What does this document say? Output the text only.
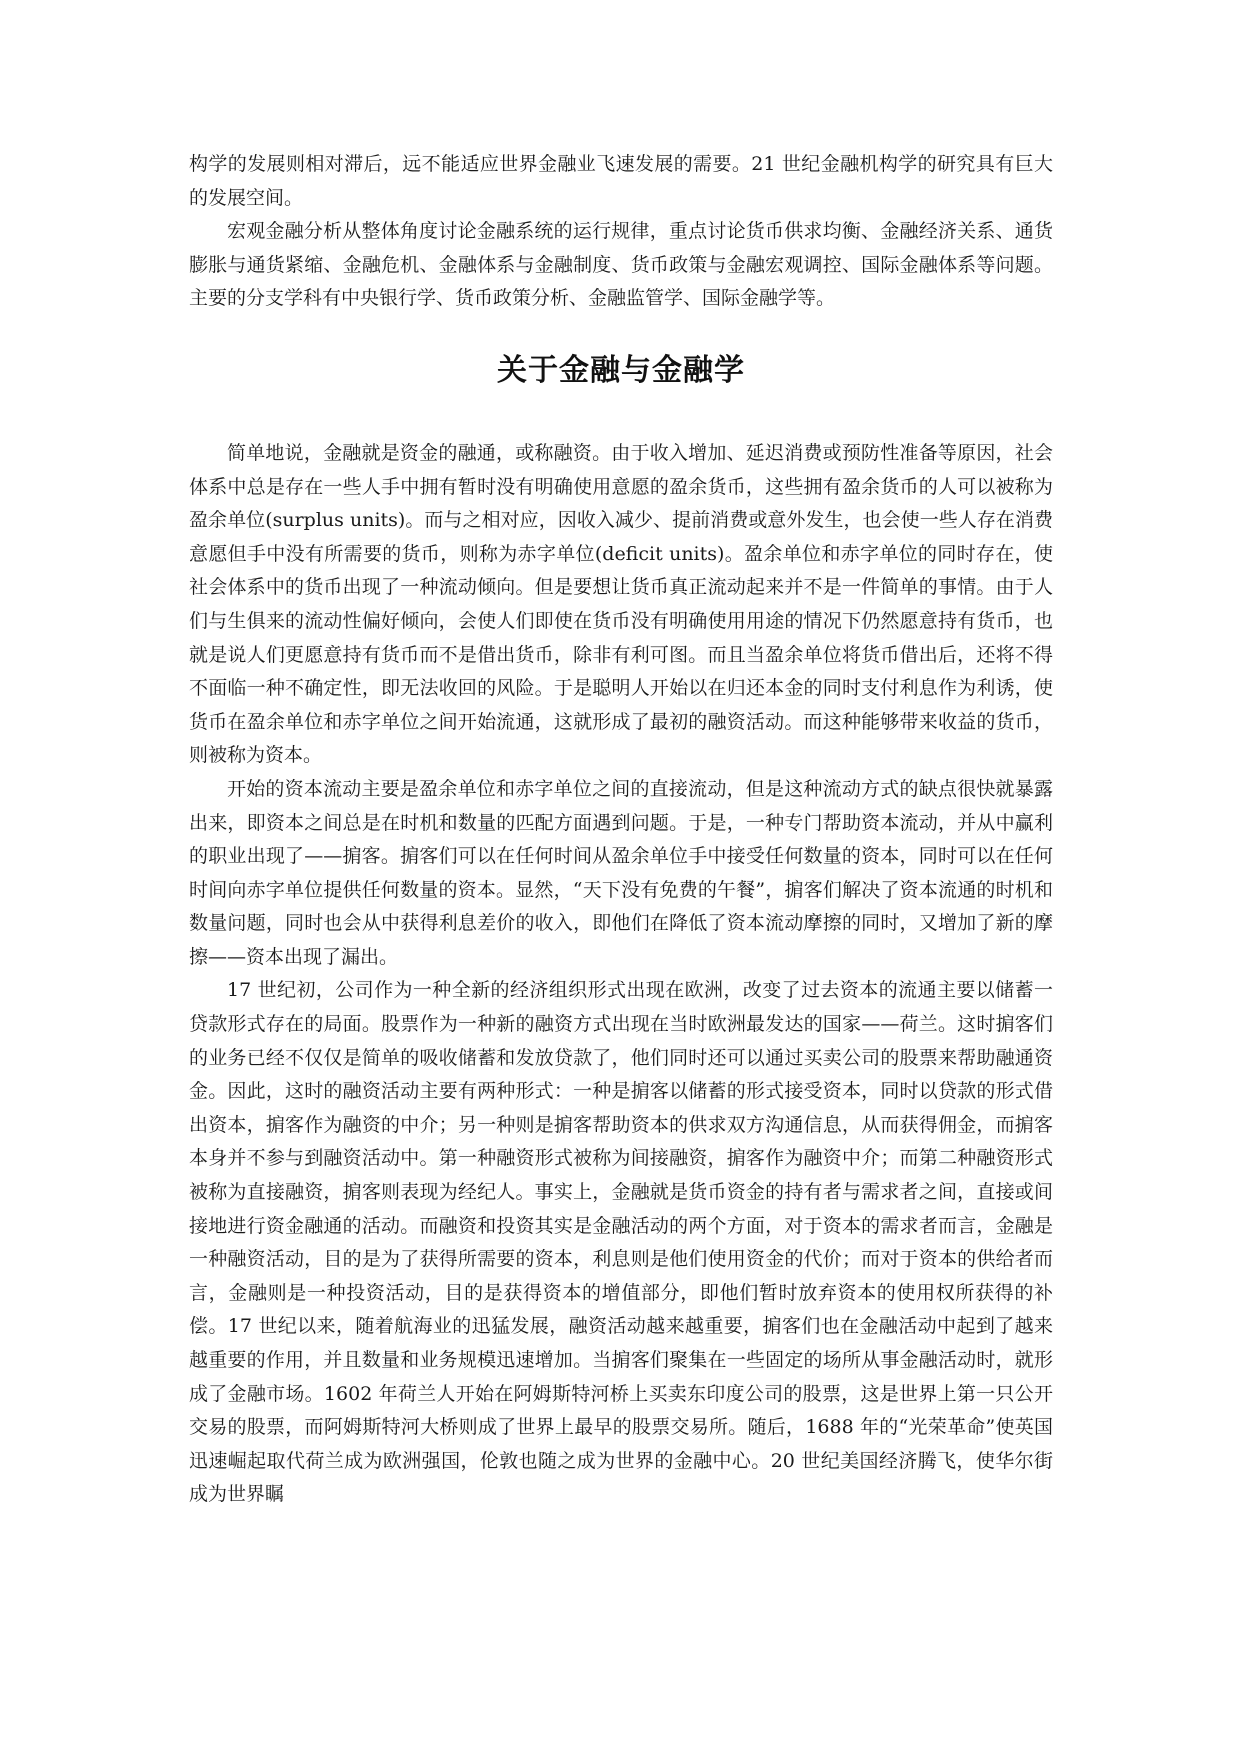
构学的发展则相对滞后，远不能适应世界金融业飞速发展的需要。21 世纪金融机构学的研究具有巨大的发展空间。

宏观金融分析从整体角度讨论金融系统的运行规律，重点讨论货币供求均衡、金融经济关系、通货膨胀与通货紧缩、金融危机、金融体系与金融制度、货币政策与金融宏观调控、国际金融体系等问题。主要的分支学科有中央银行学、货币政策分析、金融监管学、国际金融学等。

关于金融与金融学

简单地说，金融就是资金的融通，或称融资。由于收入增加、延迟消费或预防性准备等原因，社会体系中总是存在一些人手中拥有暂时没有明确使用意愿的盈余货币，这些拥有盈余货币的人可以被称为盈余单位(surplus units)。而与之相对应，因收入减少、提前消费或意外发生，也会使一些人存在消费意愿但手中没有所需要的货币，则称为赤字单位(deficit units)。盈余单位和赤字单位的同时存在，使社会体系中的货币出现了一种流动倾向。但是要想让货币真正流动起来并不是一件简单的事情。由于人们与生俱来的流动性偏好倾向，会使人们即使在货币没有明确使用用途的情况下仍然愿意持有货币，也就是说人们更愿意持有货币而不是借出货币，除非有利可图。而且当盈余单位将货币借出后，还将不得不面临一种不确定性，即无法收回的风险。于是聪明人开始以在归还本金的同时支付利息作为利诱，使货币在盈余单位和赤字单位之间开始流通，这就形成了最初的融资活动。而这种能够带来收益的货币，则被称为资本。

开始的资本流动主要是盈余单位和赤字单位之间的直接流动，但是这种流动方式的缺点很快就暴露出来，即资本之间总是在时机和数量的匹配方面遇到问题。于是，一种专门帮助资本流动，并从中赢利的职业出现了——掮客。掮客们可以在任何时间从盈余单位手中接受任何数量的资本，同时可以在任何时间向赤字单位提供任何数量的资本。显然，“天下没有免费的午餐”，掮客们解决了资本流通的时机和数量问题，同时也会从中获得利息差价的收入，即他们在降低了资本流动摩擦的同时，又增加了新的摩擦——资本出现了漏出。

17 世纪初，公司作为一种全新的经济组织形式出现在欧洲，改变了过去资本的流通主要以储蓄一贷款形式存在的局面。股票作为一种新的融资方式出现在当时欧洲最发达的国家——荷兰。这时掮客们的业务已经不仅仅是简单的吸收储蓄和发放贷款了，他们同时还可以通过买卖公司的股票来帮助融通资金。因此，这时的融资活动主要有两种形式：一种是掮客以储蓄的形式接受资本，同时以贷款的形式借出资本，掮客作为融资的中介；另一种则是掮客帮助资本的供求双方沟通信息，从而获得佣金，而掮客本身并不参与到融资活动中。第一种融资形式被称为间接融资，掮客作为融资中介；而第二种融资形式被称为直接融资，掮客则表现为经纪人。事实上，金融就是货币资金的持有者与需求者之间，直接或间接地进行资金融通的活动。而融资和投资其实是金融活动的两个方面，对于资本的需求者而言，金融是一种融资活动，目的是为了获得所需要的资本，利息则是他们使用资金的代价；而对于资本的供给者而言，金融则是一种投资活动，目的是获得资本的增值部分，即他们暂时放弃资本的使用权所获得的补偿。17 世纪以来，随着航海业的迅猛发展，融资活动越来越重要，掮客们也在金融活动中起到了越来越重要的作用，并且数量和业务规模迅速增加。当掮客们聚集在一些固定的场所从事金融活动时，就形成了金融市场。1602 年荷兰人开始在阿姆斯特河桥上买卖东印度公司的股票，这是世界上第一只公开交易的股票，而阿姆斯特河大桥则成了世界上最早的股票交易所。随后，1688 年的“光荣革命”使英国迅速崛起取代荷兰成为欧洲强国，伦敦也随之成为世界的金融中心。20 世纪美国经济腾飞，使华尔街成为世界瞩
